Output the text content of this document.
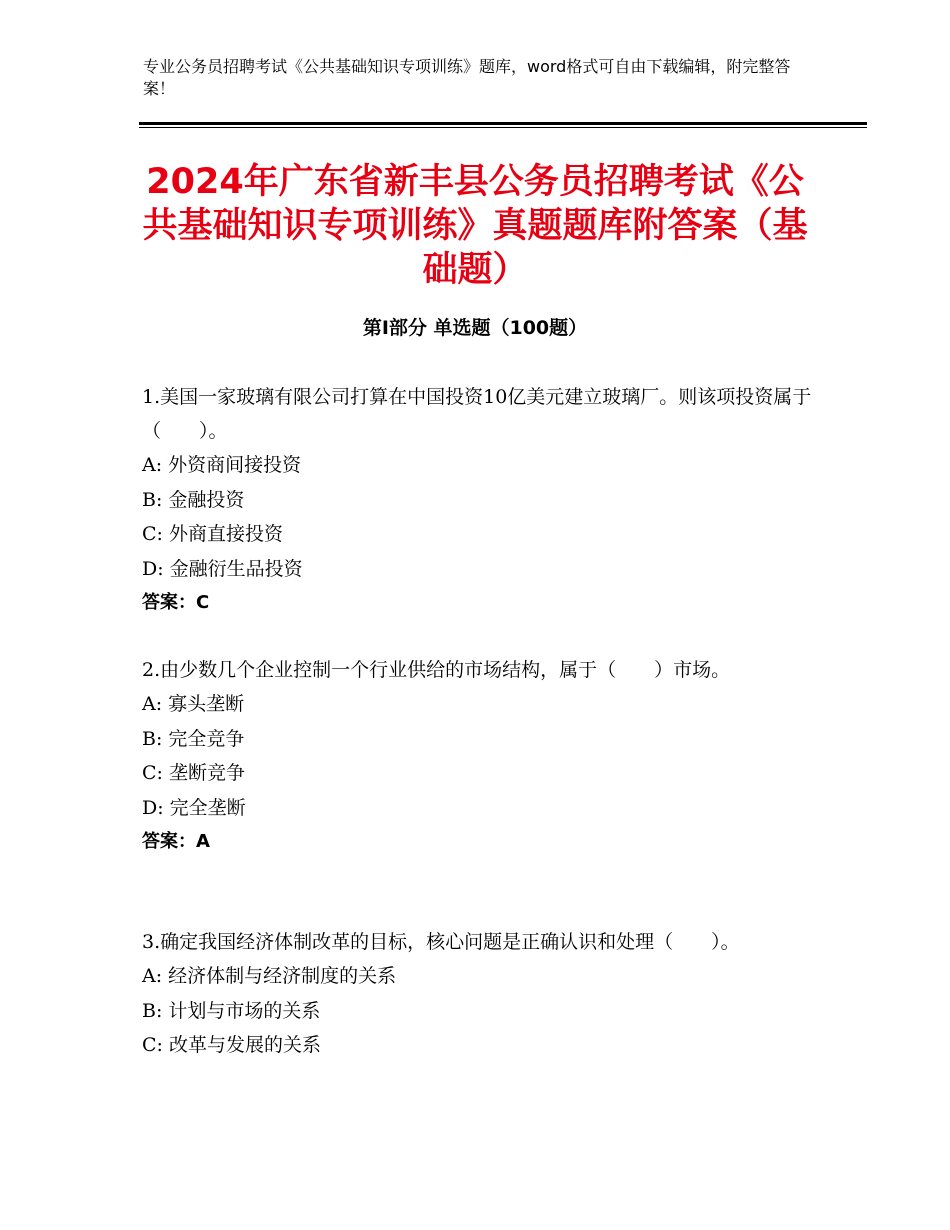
专业公务员招聘考试《公共基础知识专项训练》题库，word格式可自由下载编辑，附完整答案！
2024年广东省新丰县公务员招聘考试《公共基础知识专项训练》真题题库附答案（基础题）
第Ⅰ部分 单选题（100题）

1.美国一家玻璃有限公司打算在中国投资10亿美元建立玻璃厂。则该项投资属于（　　）。

A: 外资商间接投资

B: 金融投资

C: 外商直接投资

D: 金融衍生品投资

答案：C

2.由少数几个企业控制一个行业供给的市场结构，属于（　　）市场。

A: 寡头垄断

B: 完全竞争

C: 垄断竞争

D: 完全垄断

答案：A

3.确定我国经济体制改革的目标，核心问题是正确认识和处理（　　）。

A: 经济体制与经济制度的关系

B: 计划与市场的关系

C: 改革与发展的关系
